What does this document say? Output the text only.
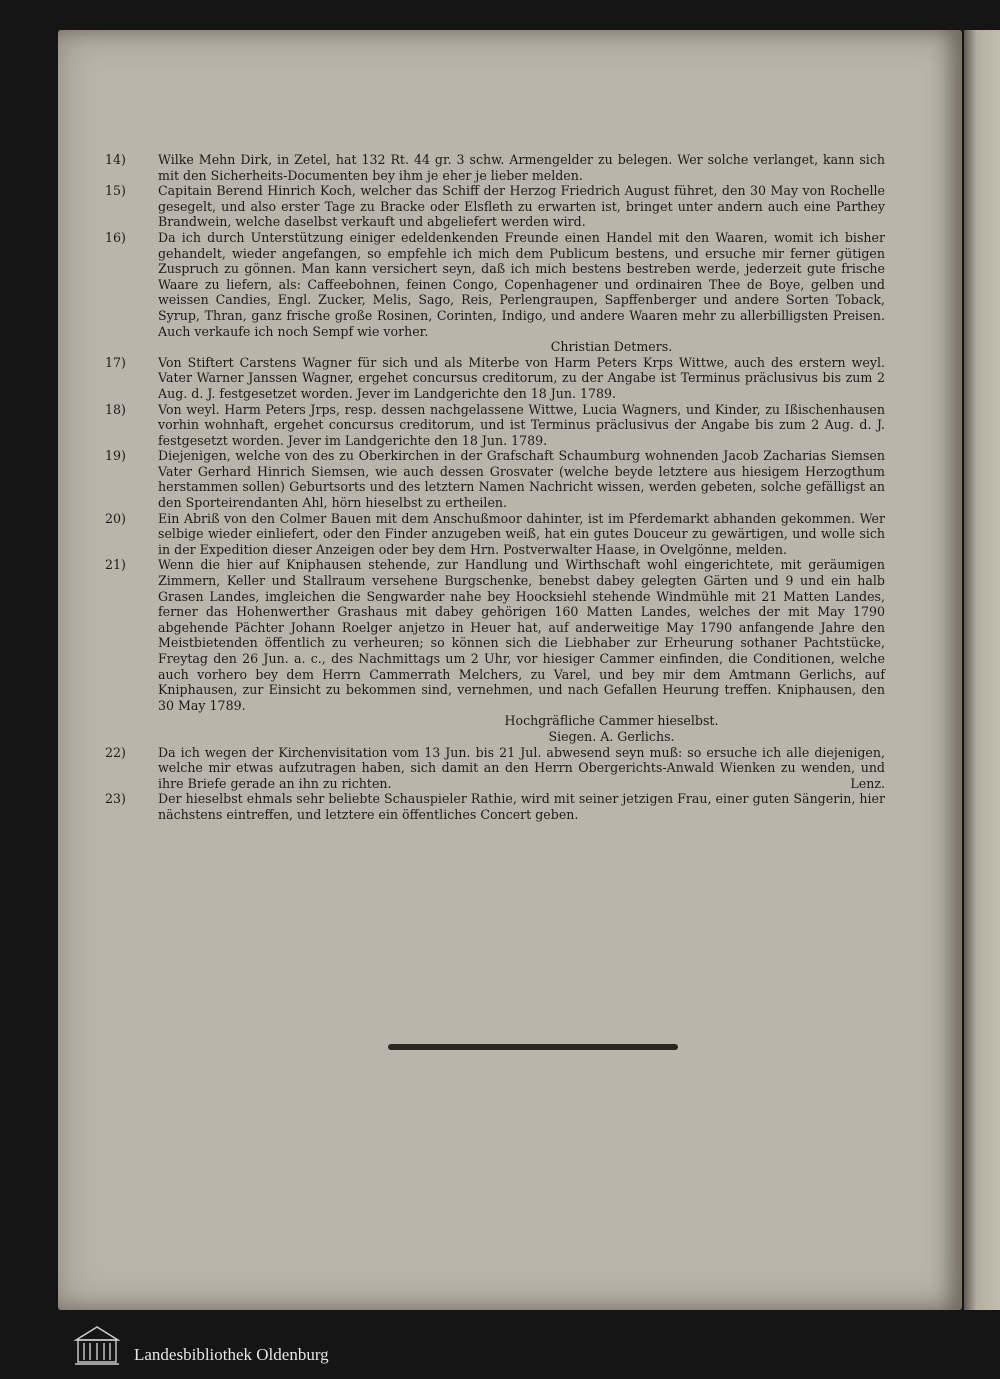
14)	Wilke Mehn Dirk, in Zetel, hat 132 Rt. 44 gr. 3 schw. Armengelder zu belegen. Wer solche verlanget, kann sich mit den Sicherheits-Documenten bey ihm je eher je lieber melden.

15)	Capitain Berend Hinrich Koch, welcher das Schiff der Herzog Friedrich August führet, den 30 May von Rochelle gesegelt, und also erster Tage zu Bracke oder Elsfleth zu erwarten ist, bringet unter andern auch eine Parthey Brandwein, welche daselbst verkauft und abgeliefert werden wird.

16)	Da ich durch Unterstützung einiger edeldenkenden Freunde einen Handel mit den Waaren, womit ich bisher gehandelt, wieder angefangen, so empfehle ich mich dem Publicum bestens, und ersuche mir ferner gütigen Zuspruch zu gönnen. Man kann versichert seyn, daß ich mich bestens bestreben werde, jederzeit gute frische Waare zu liefern, als: Caffeebohnen, feinen Congo, Copenhagener und ordinairen Thee de Boye, gelben und weissen Candies, Engl. Zucker, Melis, Sago, Reis, Perlengraupen, Sapffenberger und andere Sorten Toback, Syrup, Thran, ganz frische große Rosinen, Corinten, Indigo, und andere Waaren mehr zu allerbilligsten Preisen. Auch verkaufe ich noch Sempf wie vorher.
Christian Detmers.

17)	Von Stiftert Carstens Wagner für sich und als Miterbe von Harm Peters Krps Wittwe, auch des erstern weyl. Vater Warner Janssen Wagner, ergehet concursus creditorum, zu der Angabe ist Terminus präclusivus bis zum 2 Aug. d. J. festgesetzet worden. Jever im Landgerichte den 18 Jun. 1789.

18)	Von weyl. Harm Peters Jrps, resp. dessen nachgelassene Wittwe, Lucia Wagners, und Kinder, zu Ißischenhausen vorhin wohnhaft, ergehet concursus creditorum, und ist Terminus präclusivus der Angabe bis zum 2 Aug. d. J. festgesetzt worden. Jever im Landgerichte den 18 Jun. 1789.

19)	Diejenigen, welche von des zu Oberkirchen in der Grafschaft Schaumburg wohnenden Jacob Zacharias Siemsen Vater Gerhard Hinrich Siemsen, wie auch dessen Grosvater (welche beyde letztere aus hiesigem Herzogthum herstammen sollen) Geburtsorts und des letztern Namen Nachricht wissen, werden gebeten, solche gefälligst an den Sporteirendanten Ahl, hörn hieselbst zu ertheilen.

20)	Ein Abriß von den Colmer Bauen mit dem Anschußmoor dahinter, ist im Pferdemarkt abhanden gekommen. Wer selbige wieder einliefert, oder den Finder anzugeben weiß, hat ein gutes Douceur zu gewärtigen, und wolle sich in der Expedition dieser Anzeigen oder bey dem Hrn. Postverwalter Haase, in Ovelgönne, melden.

21)	Wenn die hier auf Kniphausen stehende, zur Handlung und Wirthschaft wohl eingerichtete, mit geräumigen Zimmern, Keller und Stallraum versehene Burgschenke, benebst dabey gelegten Gärten und 9 und ein halb Grasen Landes, imgleichen die Sengwarder nahe bey Hoocksiehl stehende Windmühle mit 21 Matten Landes, ferner das Hohenwerther Grashaus mit dabey gehörigen 160 Matten Landes, welches der mit May 1790 abgehende Pächter Johann Roelger anjetzo in Heuer hat, auf anderweitige May 1790 anfangende Jahre den Meistbietenden öffentlich zu verheuren; so können sich die Liebhaber zur Erheurung sothaner Pachtstücke, Freytag den 26 Jun. a. c., des Nachmittags um 2 Uhr, vor hiesiger Cammer einfinden, die Conditionen, welche auch vorhero bey dem Herrn Cammerrath Melchers, zu Varel, und bey mir dem Amtmann Gerlichs, auf Kniphausen, zur Einsicht zu bekommen sind, vernehmen, und nach Gefallen Heurung treffen. Kniphausen, den 30 May 1789.
Hochgräfliche Cammer hieselbst.
Siegen. A. Gerlichs.

22)	Da ich wegen der Kirchenvisitation vom 13 Jun. bis 21 Jul. abwesend seyn muß: so ersuche ich alle diejenigen, welche mir etwas aufzutragen haben, sich damit an den Herrn Obergerichts-Anwald Wienken zu wenden, und ihre Briefe gerade an ihn zu richten.	Lenz.

23)	Der hieselbst ehmals sehr beliebte Schauspieler Rathie, wird mit seiner jetzigen Frau, einer guten Sängerin, hier nächstens eintreffen, und letztere ein öffentliches Concert geben.

Landesbibliothek Oldenburg
